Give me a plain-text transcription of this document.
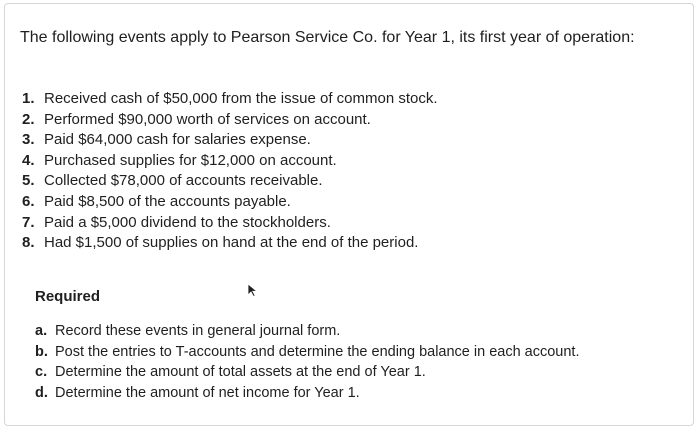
The following events apply to Pearson Service Co. for Year 1, its first year of operation:
1. Received cash of $50,000 from the issue of common stock.
2. Performed $90,000 worth of services on account.
3. Paid $64,000 cash for salaries expense.
4. Purchased supplies for $12,000 on account.
5. Collected $78,000 of accounts receivable.
6. Paid $8,500 of the accounts payable.
7. Paid a $5,000 dividend to the stockholders.
8. Had $1,500 of supplies on hand at the end of the period.
Required
a. Record these events in general journal form.
b. Post the entries to T-accounts and determine the ending balance in each account.
c. Determine the amount of total assets at the end of Year 1.
d. Determine the amount of net income for Year 1.
